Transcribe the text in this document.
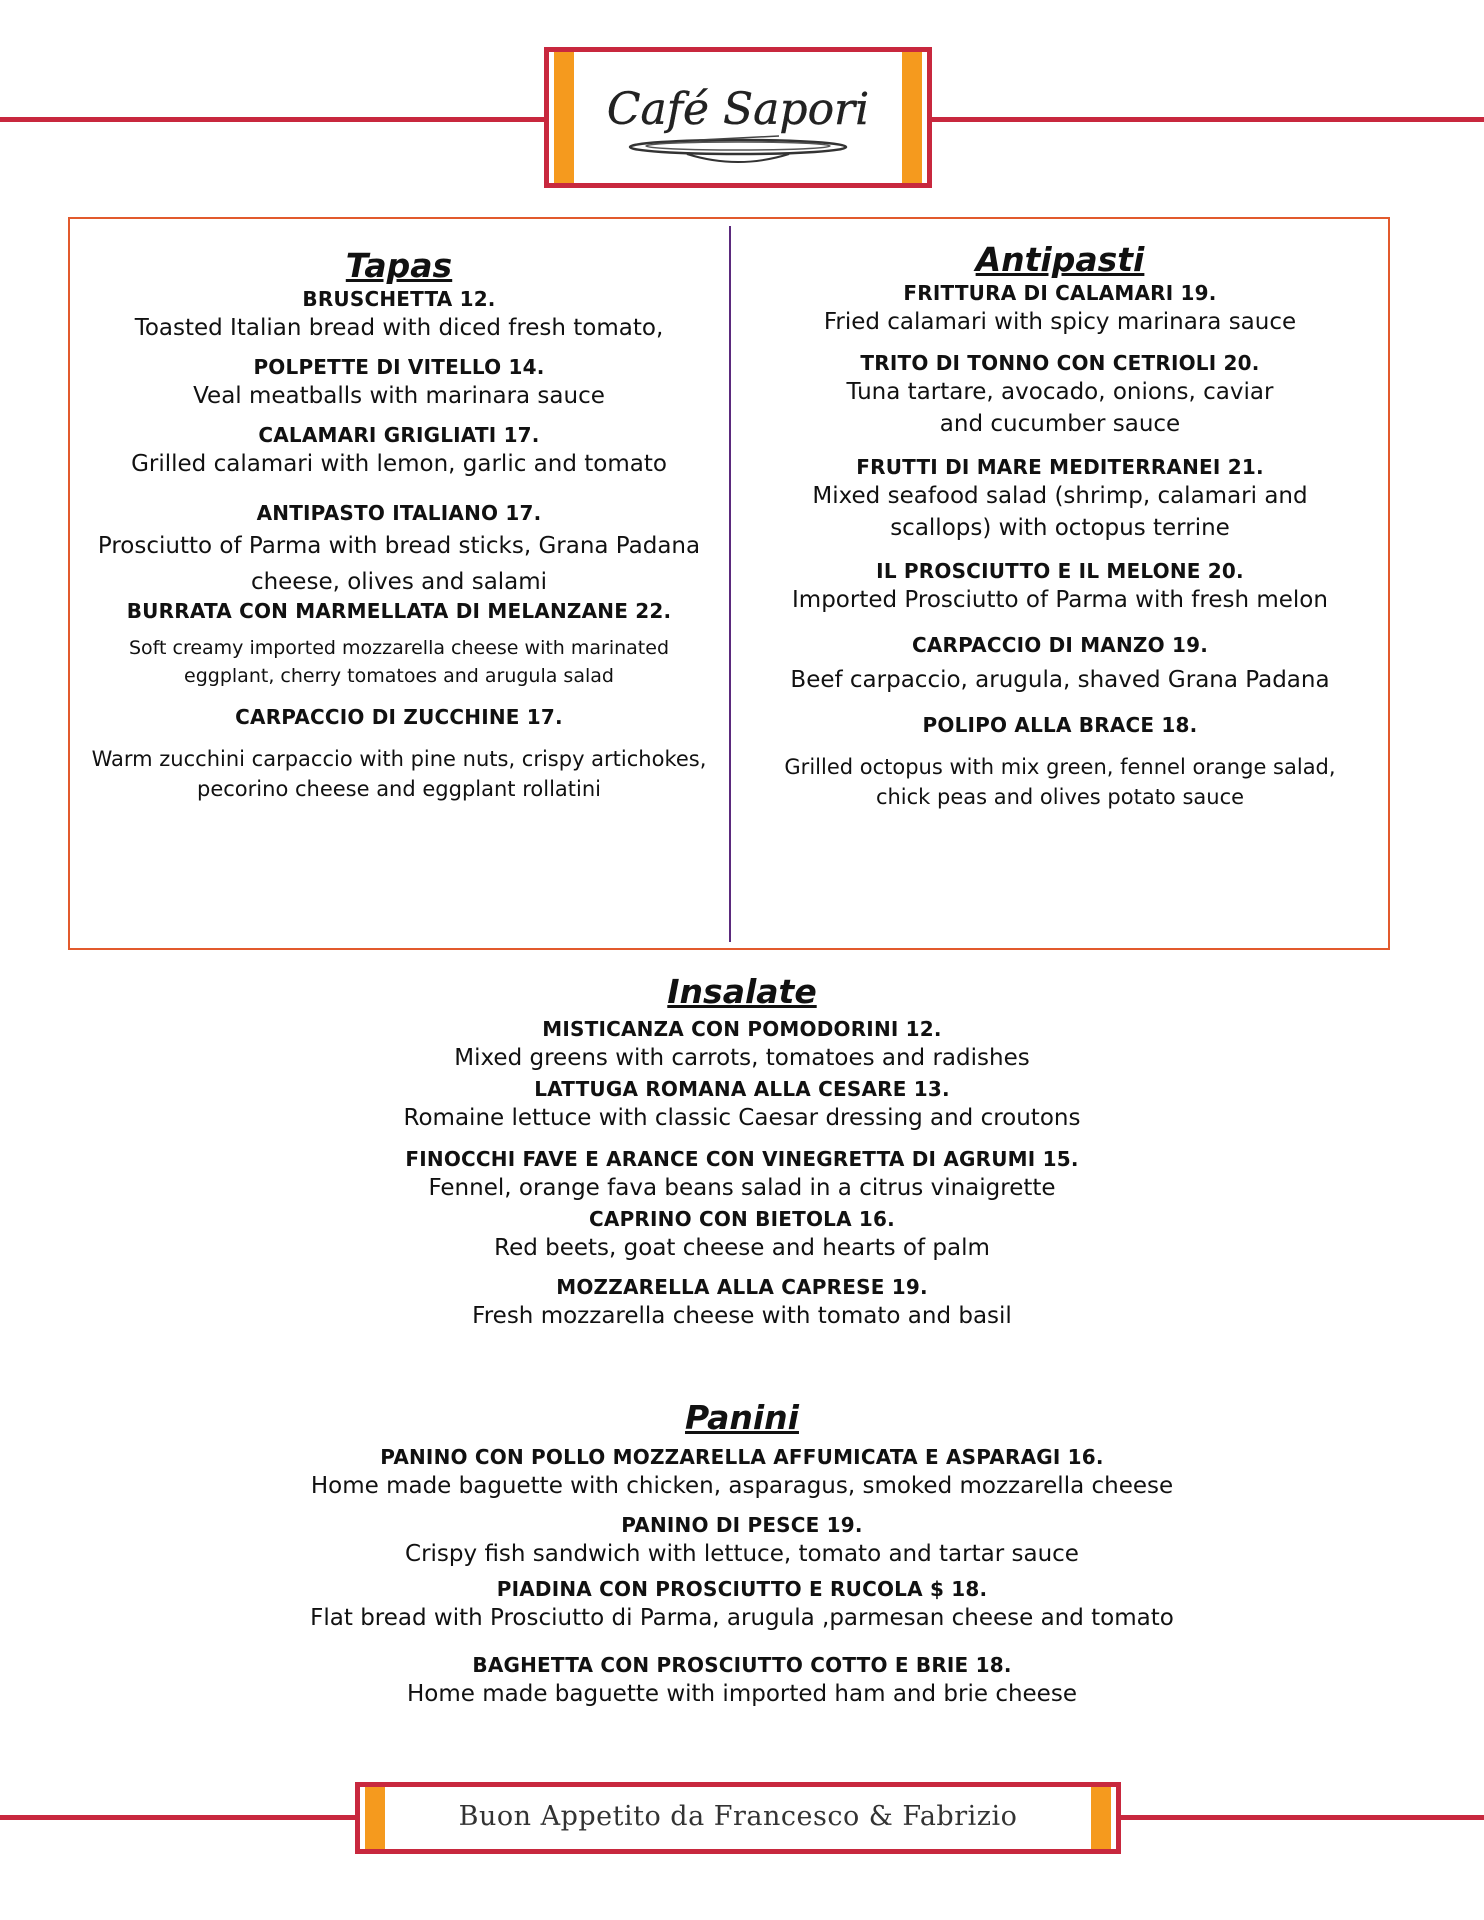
Café Sapori
Tapas

BRUSCHETTA 12.

Toasted Italian bread with diced fresh tomato,

POLPETTE DI VITELLO 14.

Veal meatballs with marinara sauce

CALAMARI GRIGLIATI 17.

Grilled calamari with lemon, garlic and tomato

ANTIPASTO ITALIANO 17.

Prosciutto of Parma with bread sticks, Grana Padana

cheese, olives and salami

BURRATA CON MARMELLATA DI MELANZANE 22.

Soft creamy imported mozzarella cheese with marinated

eggplant, cherry tomatoes and arugula salad

CARPACCIO DI ZUCCHINE 17.

Warm zucchini carpaccio with pine nuts, crispy artichokes,

pecorino cheese and eggplant rollatini

Antipasti

FRITTURA DI CALAMARI 19.

Fried calamari with spicy marinara sauce

TRITO DI TONNO CON CETRIOLI 20.

Tuna tartare, avocado, onions, caviar

and cucumber sauce

FRUTTI DI MARE MEDITERRANEI 21.

Mixed seafood salad (shrimp, calamari and

scallops) with octopus terrine

IL PROSCIUTTO E IL MELONE 20.

Imported Prosciutto of Parma with fresh melon

CARPACCIO DI MANZO 19.

Beef carpaccio, arugula, shaved Grana Padana

POLIPO ALLA BRACE 18.

Grilled octopus with mix green, fennel orange salad,

chick peas and olives potato sauce

Insalate

MISTICANZA CON POMODORINI 12.

Mixed greens with carrots, tomatoes and radishes

LATTUGA ROMANA ALLA CESARE 13.

Romaine lettuce with classic Caesar dressing and croutons

FINOCCHI FAVE E ARANCE CON VINEGRETTA DI AGRUMI 15.

Fennel, orange fava beans salad in a citrus vinaigrette

CAPRINO CON BIETOLA 16.

Red beets, goat cheese and hearts of palm

MOZZARELLA ALLA CAPRESE 19.

Fresh mozzarella cheese with tomato and basil

Panini

PANINO CON POLLO MOZZARELLA AFFUMICATA E ASPARAGI 16.

Home made baguette with chicken, asparagus, smoked mozzarella cheese

PANINO DI PESCE 19.

Crispy fish sandwich with lettuce, tomato and tartar sauce

PIADINA CON PROSCIUTTO E RUCOLA $ 18.

Flat bread with Prosciutto di Parma, arugula ,parmesan cheese and tomato

BAGHETTA CON PROSCIUTTO COTTO E BRIE 18.

Home made baguette with imported ham and brie cheese

Buon Appetito da Francesco & Fabrizio
